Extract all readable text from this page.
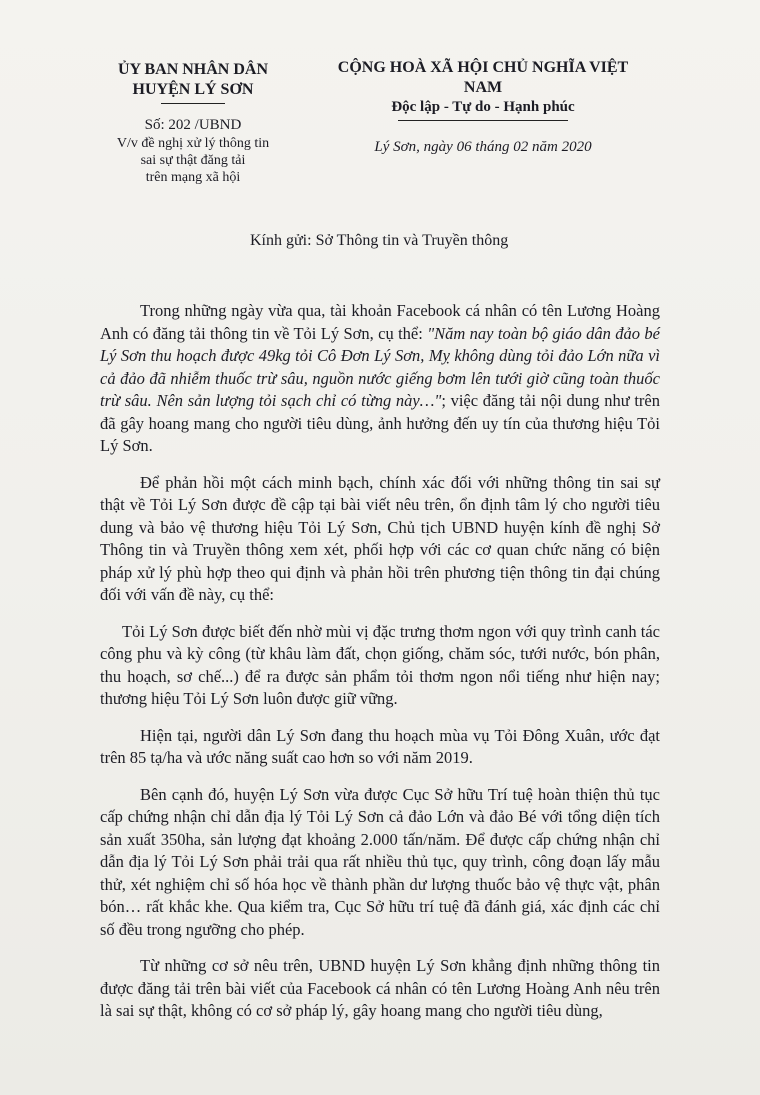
ỦY BAN NHÂN DÂN
HUYỆN LÝ SƠN
Số: 202 /UBND
V/v đề nghị xử lý thông tin
sai sự thật đăng tải
trên mạng xã hội
CỘNG HOÀ XÃ HỘI CHỦ NGHĨA VIỆT NAM
Độc lập - Tự do - Hạnh phúc
Lý Sơn, ngày 06 tháng 02 năm 2020
Kính gửi: Sở Thông tin và Truyền thông

Trong những ngày vừa qua, tài khoản Facebook cá nhân có tên Lương Hoàng Anh có đăng tải thông tin về Tỏi Lý Sơn, cụ thể: "Năm nay toàn bộ giáo dân đảo bé Lý Sơn thu hoạch được 49kg tỏi Cô Đơn Lý Sơn, Mỵ không dùng tỏi đảo Lớn nữa vì cả đảo đã nhiễm thuốc trừ sâu, nguồn nước giếng bơm lên tưới giờ cũng toàn thuốc trừ sâu. Nên sản lượng tỏi sạch chỉ có từng này…"; việc đăng tải nội dung như trên đã gây hoang mang cho người tiêu dùng, ảnh hưởng đến uy tín của thương hiệu Tỏi Lý Sơn.

Để phản hồi một cách minh bạch, chính xác đối với những thông tin sai sự thật về Tỏi Lý Sơn được đề cập tại bài viết nêu trên, ổn định tâm lý cho người tiêu dung và bảo vệ thương hiệu Tỏi Lý Sơn, Chủ tịch UBND huyện kính đề nghị Sở Thông tin và Truyền thông xem xét, phối hợp với các cơ quan chức năng có biện pháp xử lý phù hợp theo qui định và phản hồi trên phương tiện thông tin đại chúng đối với vấn đề này, cụ thể:

Tỏi Lý Sơn được biết đến nhờ mùi vị đặc trưng thơm ngon với quy trình canh tác công phu và kỳ công (từ khâu làm đất, chọn giống, chăm sóc, tưới nước, bón phân, thu hoạch, sơ chế...) để ra được sản phẩm tỏi thơm ngon nổi tiếng như hiện nay; thương hiệu Tỏi Lý Sơn luôn được giữ vững.

Hiện tại, người dân Lý Sơn đang thu hoạch mùa vụ Tỏi Đông Xuân, ước đạt trên 85 tạ/ha và ước năng suất cao hơn so với năm 2019.

Bên cạnh đó, huyện Lý Sơn vừa được Cục Sở hữu Trí tuệ hoàn thiện thủ tục cấp chứng nhận chỉ dẫn địa lý Tỏi Lý Sơn cả đảo Lớn và đảo Bé với tổng diện tích sản xuất 350ha, sản lượng đạt khoảng 2.000 tấn/năm. Để được cấp chứng nhận chỉ dẫn địa lý Tỏi Lý Sơn phải trải qua rất nhiều thủ tục, quy trình, công đoạn lấy mẫu thử, xét nghiệm chỉ số hóa học về thành phần dư lượng thuốc bảo vệ thực vật, phân bón… rất khắc khe. Qua kiểm tra, Cục Sở hữu trí tuệ đã đánh giá, xác định các chỉ số đều trong ngưỡng cho phép.

Từ những cơ sở nêu trên, UBND huyện Lý Sơn khẳng định những thông tin được đăng tải trên bài viết của Facebook cá nhân có tên Lương Hoàng Anh nêu trên là sai sự thật, không có cơ sở pháp lý, gây hoang mang cho người tiêu dùng,
